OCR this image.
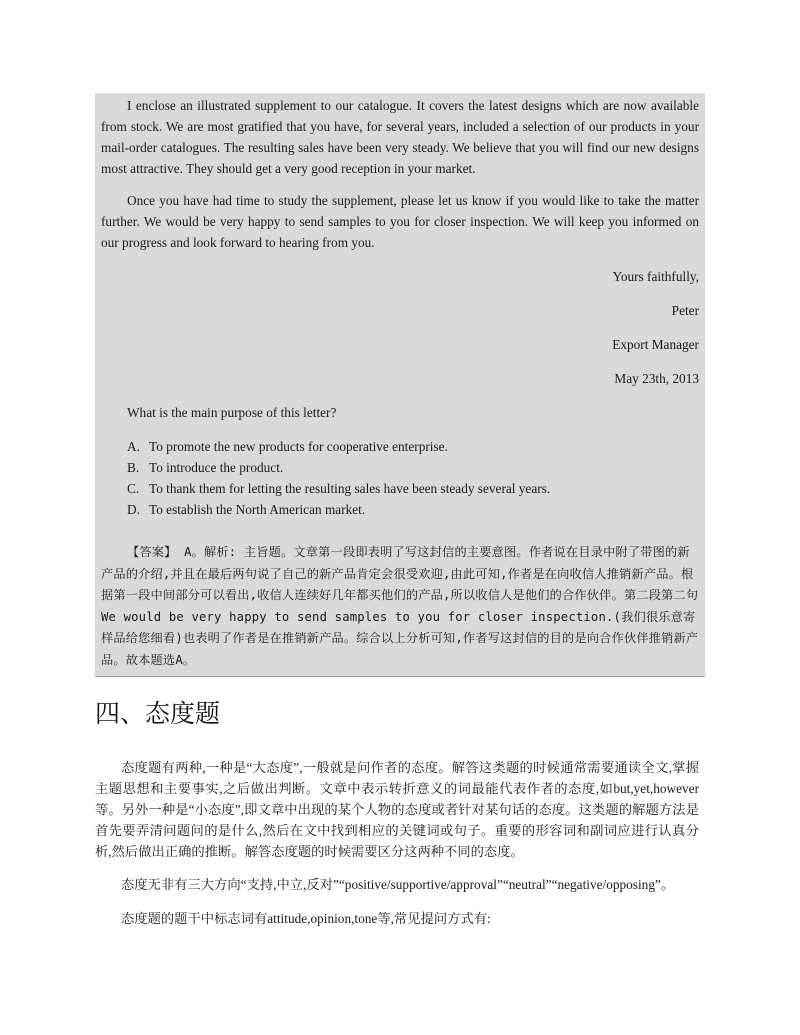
I enclose an illustrated supplement to our catalogue. It covers the latest designs which are now available from stock. We are most gratified that you have, for several years, included a selection of our products in your mail-order catalogues. The resulting sales have been very steady. We believe that you will find our new designs most attractive. They should get a very good reception in your market.

Once you have had time to study the supplement, please let us know if you would like to take the matter further. We would be very happy to send samples to you for closer inspection. We will keep you informed on our progress and look forward to hearing from you.

Yours faithfully,
Peter
Export Manager
May 23th, 2013
What is the main purpose of this letter?
A. To promote the new products for cooperative enterprise.
B. To introduce the product.
C. To thank them for letting the resulting sales have been steady several years.
D. To establish the North American market.

【答案】 A。解析: 主旨题。文章第一段即表明了写这封信的主要意图。作者说在目录中附了带图的新产品的介绍,并且在最后两句说了自己的新产品肯定会很受欢迎,由此可知,作者是在向收信人推销新产品。根据第一段中间部分可以看出,收信人连续好几年都买他们的产品,所以收信人是他们的合作伙伴。第二段第二句We would be very happy to send samples to you for closer inspection.(我们很乐意寄样品给您细看)也表明了作者是在推销新产品。综合以上分析可知,作者写这封信的目的是向合作伙伴推销新产品。故本题选A。

四、态度题

态度题有两种,一种是“大态度”,一般就是问作者的态度。解答这类题的时候通常需要通读全文,掌握主题思想和主要事实,之后做出判断。文章中表示转折意义的词最能代表作者的态度,如but,yet,however等。另外一种是“小态度”,即文章中出现的某个人物的态度或者针对某句话的态度。这类题的解题方法是首先要弄清问题问的是什么,然后在文中找到相应的关键词或句子。重要的形容词和副词应进行认真分析,然后做出正确的推断。解答态度题的时候需要区分这两种不同的态度。

态度无非有三大方向“支持,中立,反对”“positive/supportive/approval”“neutral”“negative/opposing”。

态度题的题干中标志词有attitude,opinion,tone等,常见提问方式有:
